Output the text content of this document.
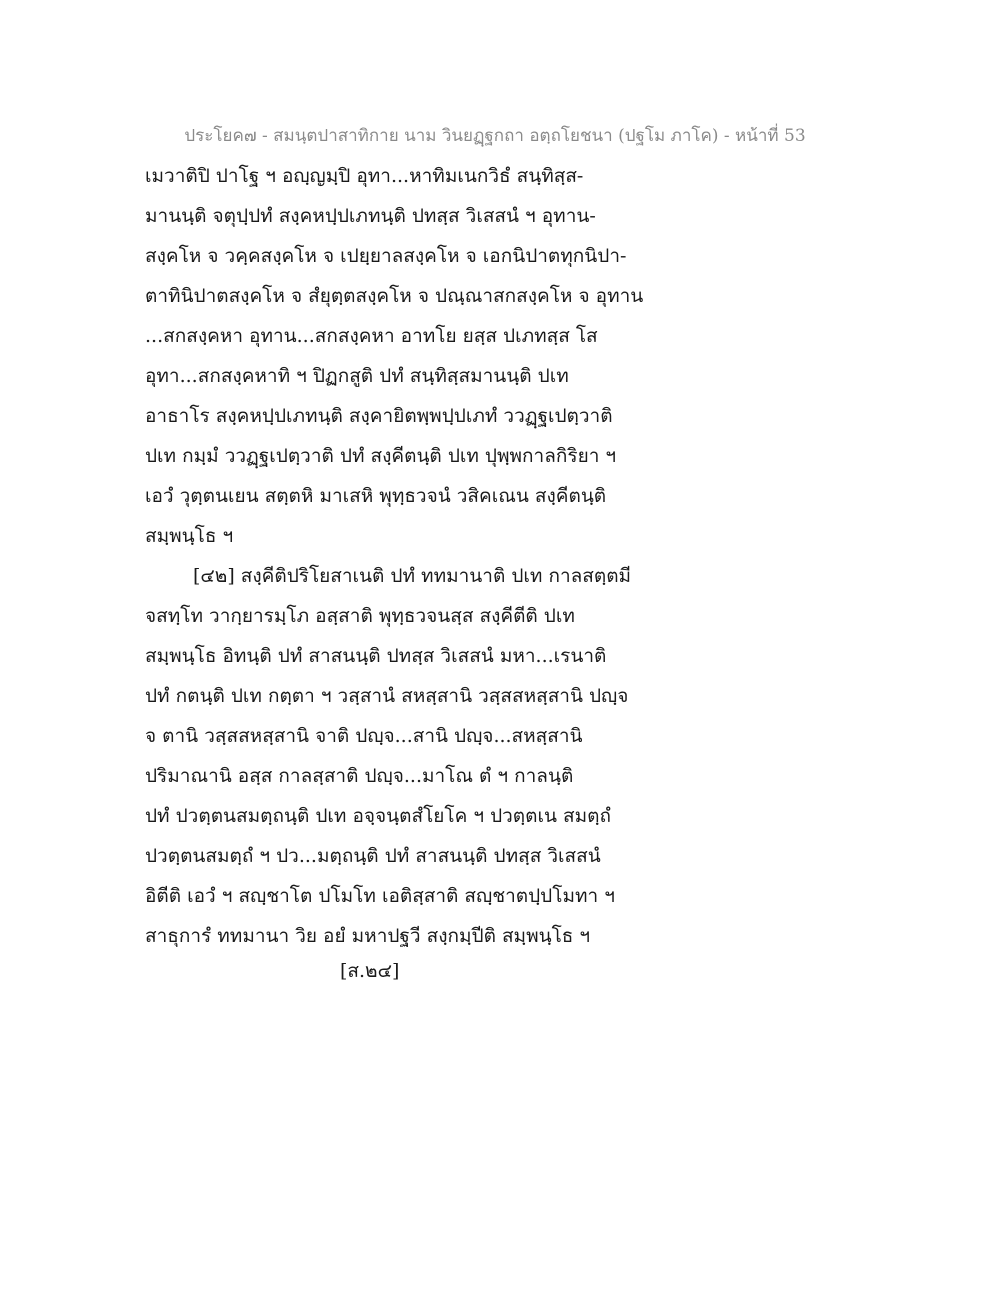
ประโยค๗ - สมนฺตปาสาทิกาย นาม วินยฏฺฐกถา อตฺถโยชนา (ปฐโม ภาโค) - หน้าที่ 53
เมวาติปิ ปาโฐ ฯ อญฺญมฺปิ อุทา...หาทิมเนกวิธํ สนฺทิสฺส-
มานนฺติ จตุปฺปทํ สงฺคหปฺปเภทนฺติ ปทสฺส วิเสสนํ ฯ อุทาน-
สงฺคโห จ วคฺคสงฺคโห จ เปยฺยาลสงฺคโห จ เอกนิปาตทุกนิปา-
ตาทินิปาตสงฺคโห จ สํยุตฺตสงฺคโห จ ปณฺณาสกสงฺคโห จ อุทาน
...สกสงฺคหา อุทาน...สกสงฺคหา อาทโย ยสฺส ปเภทสฺส โส
อุทา...สกสงฺคหาทิ ฯ ปิฏกสูติ ปทํ สนฺทิสฺสมานนฺติ ปเท
อาธาโร สงฺคหปฺปเภทนฺติ สงฺคายิตพฺพปฺปเภทํ ววฏฺฐเปตฺวาติ
ปเท กมฺมํ ววฏฺฐเปตฺวาติ ปทํ สงฺคีตนฺติ ปเท ปุพฺพกาลกิริยา ฯ
เอวํ วุตฺตนเยน สตฺตหิ มาเสหิ พุทฺธวจนํ วสิคเณน สงฺคีตนฺติ
สมฺพนฺโธ ฯ
[๔๒] สงฺคีติปริโยสาเนติ ปทํ ททมานาติ ปเท กาลสตฺตมี
จสทฺโท วากฺยารมฺโภ อสฺสาติ พุทฺธวจนสฺส สงฺคีตีติ ปเท
สมฺพนฺโธ อิทนฺติ ปทํ สาสนนฺติ ปทสฺส วิเสสนํ มหา...เรนาติ
ปทํ กตนฺติ ปเท กตฺตา ฯ วสฺสานํ สหสฺสานิ วสฺสสหสฺสานิ ปญฺจ
จ ตานิ วสฺสสหสฺสานิ จาติ ปญฺจ...สานิ ปญฺจ...สหสฺสานิ
ปริมาณานิ อสฺส กาลสฺสาติ ปญฺจ...มาโณ ตํ ฯ กาลนฺติ
ปทํ ปวตฺตนสมตฺถนฺติ ปเท อจฺจนฺตสํโยโค ฯ ปวตฺตเน สมตฺถํ
ปวตฺตนสมตฺถํ ฯ ปว...มตฺถนฺติ ปทํ สาสนนฺติ ปทสฺส วิเสสนํ
อิตีติ เอวํ ฯ สญฺชาโต ปโมโท เอติสฺสาติ สญฺชาตปฺปโมทา ฯ
สาธุการํ ททมานา วิย อยํ มหาปฐวี สงฺกมฺปีติ สมฺพนฺโธ ฯ
[ส.๒๔]
